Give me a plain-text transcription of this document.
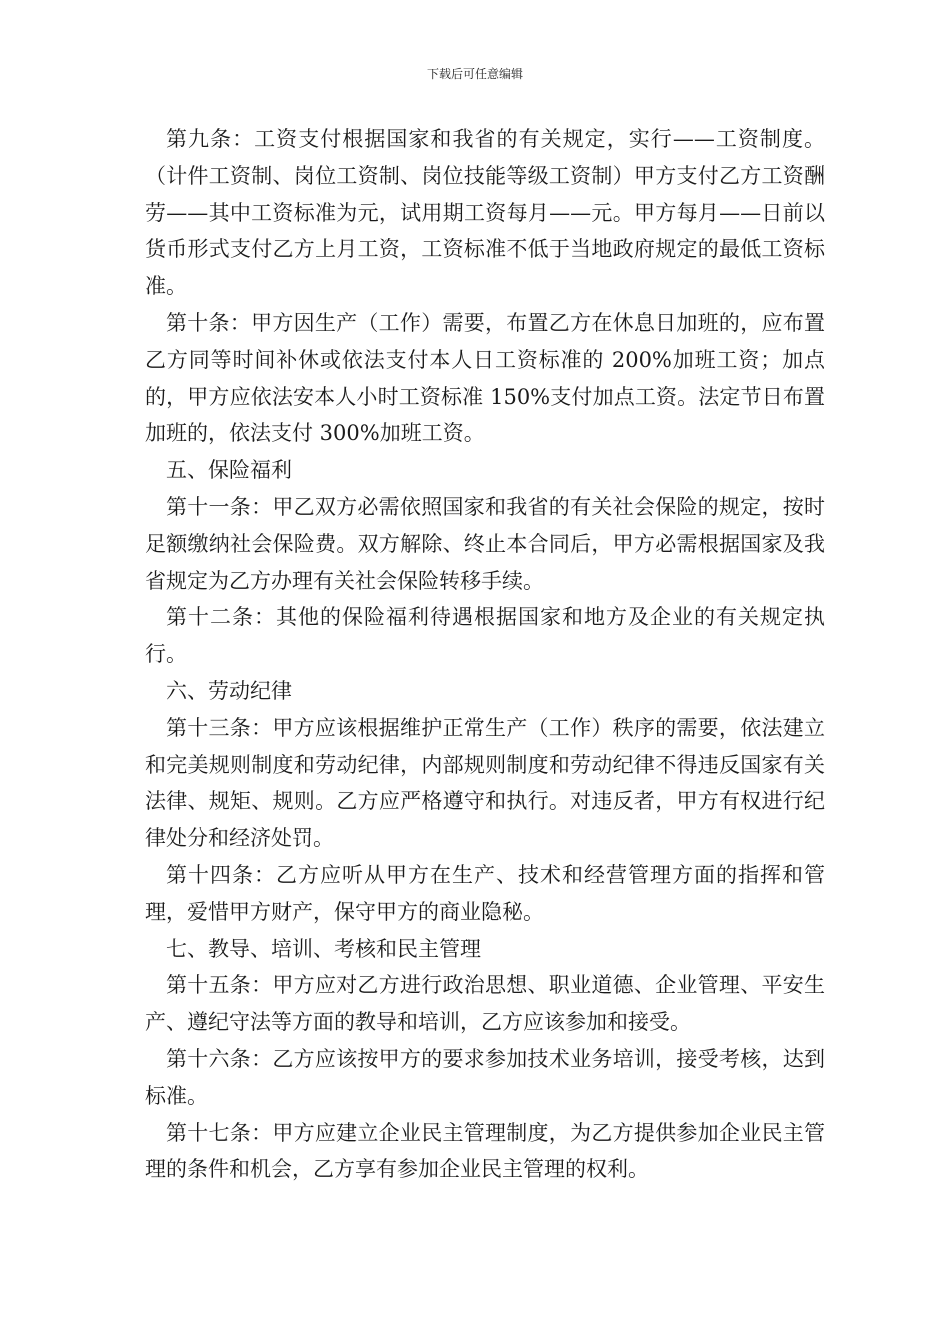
下载后可任意编辑

第九条：工资支付根据国家和我省的有关规定，实行——工资制度。（计件工资制、岗位工资制、岗位技能等级工资制）甲方支付乙方工资酬劳——其中工资标准为元，试用期工资每月——元。甲方每月——日前以货币形式支付乙方上月工资，工资标准不低于当地政府规定的最低工资标准。

第十条：甲方因生产（工作）需要，布置乙方在休息日加班的，应布置乙方同等时间补休或依法支付本人日工资标准的 200%加班工资；加点的，甲方应依法安本人小时工资标准 150%支付加点工资。法定节日布置加班的，依法支付 300%加班工资。

五、保险福利

第十一条：甲乙双方必需依照国家和我省的有关社会保险的规定，按时足额缴纳社会保险费。双方解除、终止本合同后，甲方必需根据国家及我省规定为乙方办理有关社会保险转移手续。

第十二条：其他的保险福利待遇根据国家和地方及企业的有关规定执行。

六、劳动纪律

第十三条：甲方应该根据维护正常生产（工作）秩序的需要，依法建立和完美规则制度和劳动纪律，内部规则制度和劳动纪律不得违反国家有关法律、规矩、规则。乙方应严格遵守和执行。对违反者，甲方有权进行纪律处分和经济处罚。

第十四条：乙方应听从甲方在生产、技术和经营管理方面的指挥和管理，爱惜甲方财产，保守甲方的商业隐秘。

七、教导、培训、考核和民主管理

第十五条：甲方应对乙方进行政治思想、职业道德、企业管理、平安生产、遵纪守法等方面的教导和培训，乙方应该参加和接受。

第十六条：乙方应该按甲方的要求参加技术业务培训，接受考核，达到标准。

第十七条：甲方应建立企业民主管理制度，为乙方提供参加企业民主管理的条件和机会，乙方享有参加企业民主管理的权利。
